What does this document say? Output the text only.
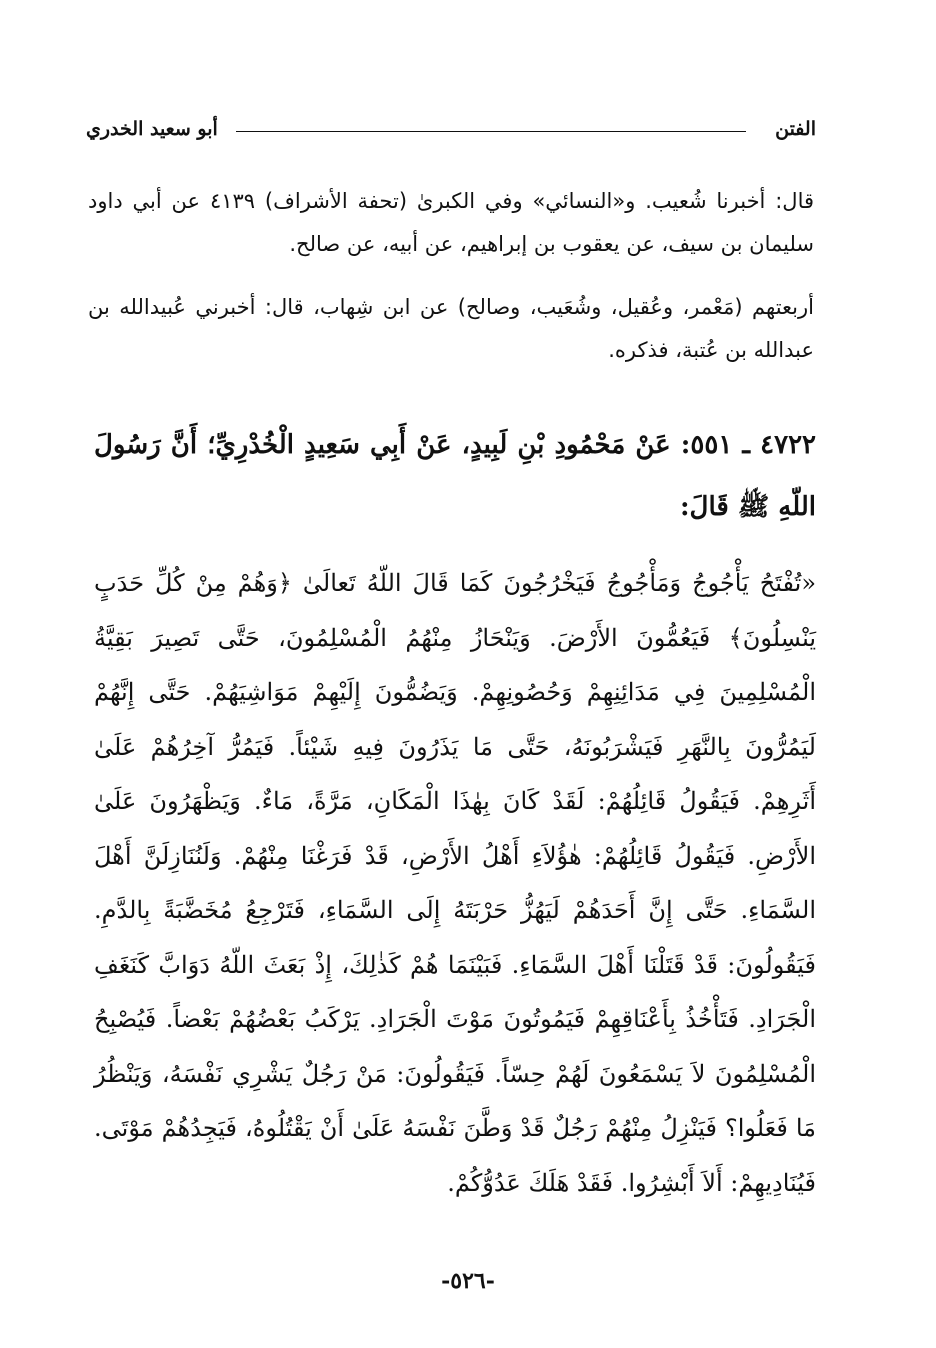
الفتن
أبو سعيد الخدري

قال: أخبرنا شُعيب. و«النسائي» وفي الكبرىٰ (تحفة الأشراف) ٤١٣٩ عن أبي داود سليمان بن سيف، عن يعقوب بن إبراهيم، عن أبيه، عن صالح.

أربعتهم (مَعْمر، وعُقيل، وشُعَيب، وصالح) عن ابن شِهاب، قال: أخبرني عُبيدالله بن عبدالله بن عُتبة، فذكره.

٤٧٢٢ ـ ٥٥١: عَنْ مَحْمُودِ بْنِ لَبِيدٍ، عَنْ أَبِي سَعِيدٍ الْخُدْرِيِّ؛ أَنَّ رَسُولَ اللّهِ ﷺ قَالَ:

«تُفْتَحُ يَأْجُوجُ وَمَأْجُوجُ فَيَخْرُجُونَ كَمَا قَالَ اللّهُ تَعالَىٰ ﴿وَهُمْ مِنْ كُلِّ حَدَبٍ يَنْسِلُونَ﴾ فَيَعُمُّونَ الأَرْضَ. وَيَنْحَازُ مِنْهُمُ الْمُسْلِمُونَ، حَتَّى تَصِيرَ بَقِيَّةُ الْمُسْلِمِينَ فِي مَدَائِنِهِمْ وَحُصُونِهِمْ. وَيَضُمُّونَ إِلَيْهِمْ مَوَاشِيَهُمْ. حَتَّى إِنَّهُمْ لَيَمُرُّونَ بِالنَّهَرِ فَيَشْرَبُونَهُ، حَتَّى مَا يَذَرُونَ فِيهِ شَيْئاً. فَيَمُرُّ آخِرُهُمْ عَلَىٰ أَثَرِهِمْ. فَيَقُولُ قَائِلُهُمْ: لَقَدْ كَانَ بِهٰذَا الْمَكَانِ، مَرَّةً، مَاءٌ. وَيَظْهَرُونَ عَلَىٰ الأَرْضِ. فَيَقُولُ قَائِلُهُمْ: هٰؤُلاَءِ أَهْلُ الأَرْضِ، قَدْ فَرَغْنَا مِنْهُمْ. وَلَنُنَازِلَنَّ أَهْلَ السَّمَاءِ. حَتَّى إِنَّ أَحَدَهُمْ لَيَهُزُّ حَرْبَتَهُ إِلَى السَّمَاءِ، فَتَرْجِعُ مُخَضَّبَةً بِالدَّمِ. فَيَقُولُونَ: قَدْ قَتَلْنَا أَهْلَ السَّمَاءِ. فَبَيْنَمَا هُمْ كَذٰلِكَ، إِذْ بَعَثَ اللّهُ دَوَابَّ كَنَغَفِ الْجَرَادِ. فَتَأْخُذُ بِأَعْنَاقِهِمْ فَيَمُوتُونَ مَوْتَ الْجَرَادِ. يَرْكَبُ بَعْضُهُمْ بَعْضاً. فَيُصْبِحُ الْمُسْلِمُونَ لاَ يَسْمَعُونَ لَهُمْ حِسّاً. فَيَقُولُونَ: مَنْ رَجُلٌ يَشْرِي نَفْسَهُ، وَيَنْظُرُ مَا فَعَلُوا؟ فَيَنْزِلُ مِنْهُمْ رَجُلٌ قَدْ وَطَّنَ نَفْسَهُ عَلَىٰ أَنْ يَقْتُلُوهُ، فَيَجِدُهُمْ مَوْتَى. فَيُنَادِيهِمْ: أَلاَ أَبْشِرُوا. فَقَدْ هَلَكَ عَدُوُّكُمْ.

-٥٢٦-
